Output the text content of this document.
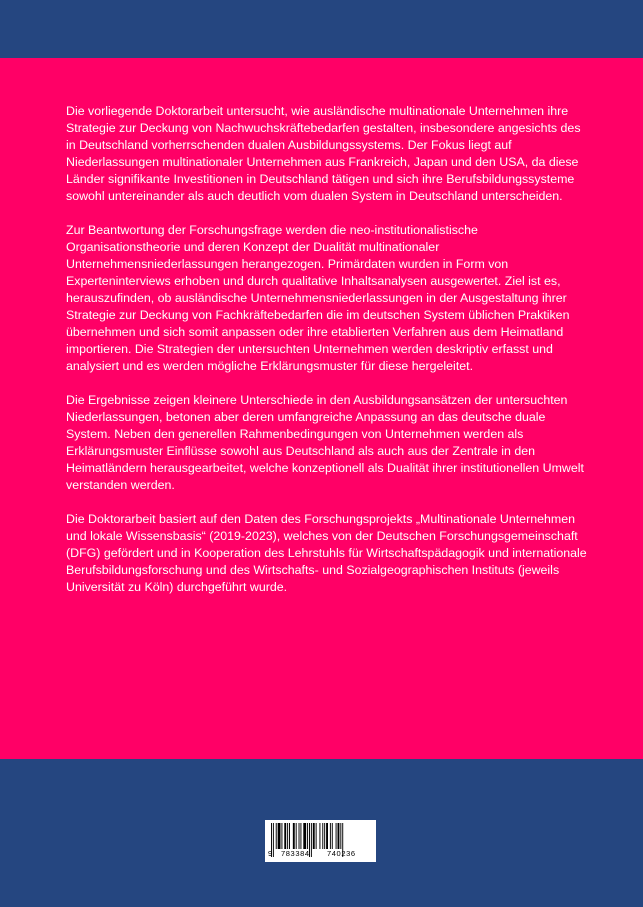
Die vorliegende Doktorarbeit untersucht, wie ausländische multinationale Unternehmen ihre Strategie zur Deckung von Nachwuchskräftebedarfen gestalten, insbesondere angesichts des in Deutschland vorherrschenden dualen Ausbildungssystems. Der Fokus liegt auf Niederlassungen multinationaler Unternehmen aus Frankreich, Japan und den USA, da diese Länder signifikante Investitionen in Deutschland tätigen und sich ihre Berufsbildungssysteme sowohl untereinander als auch deutlich vom dualen System in Deutschland unterscheiden.

Zur Beantwortung der Forschungsfrage werden die neo-institutionalistische Organisationstheorie und deren Konzept der Dualität multinationaler Unternehmensniederlassungen herangezogen. Primärdaten wurden in Form von Experteninterviews erhoben und durch qualitative Inhaltsanalysen ausgewertet. Ziel ist es, herauszufinden, ob ausländische Unternehmensniederlassungen in der Ausgestaltung ihrer Strategie zur Deckung von Fachkräftebedarfen die im deutschen System üblichen Praktiken übernehmen und sich somit anpassen oder ihre etablierten Verfahren aus dem Heimatland importieren. Die Strategien der untersuchten Unternehmen werden deskriptiv erfasst und analysiert und es werden mögliche Erklärungsmuster für diese hergeleitet.

Die Ergebnisse zeigen kleinere Unterschiede in den Ausbildungsansätzen der untersuchten Niederlassungen, betonen aber deren umfangreiche Anpassung an das deutsche duale System. Neben den generellen Rahmenbedingungen von Unternehmen werden als Erklärungsmuster Einflüsse sowohl aus Deutschland als auch aus der Zentrale in den Heimatländern herausgearbeitet, welche konzeptionell als Dualität ihrer institutionellen Umwelt verstanden werden.

Die Doktorarbeit basiert auf den Daten des Forschungsprojekts „Multinationale Unternehmen und lokale Wissensbasis“ (2019-2023), welches von der Deutschen Forschungsgemeinschaft (DFG) gefördert und in Kooperation des Lehrstuhls für Wirtschaftspädagogik und internationale Berufsbildungsforschung und des Wirtschafts- und Sozialgeographischen Instituts (jeweils Universität zu Köln) durchgeführt wurde.

9 783384 740236
